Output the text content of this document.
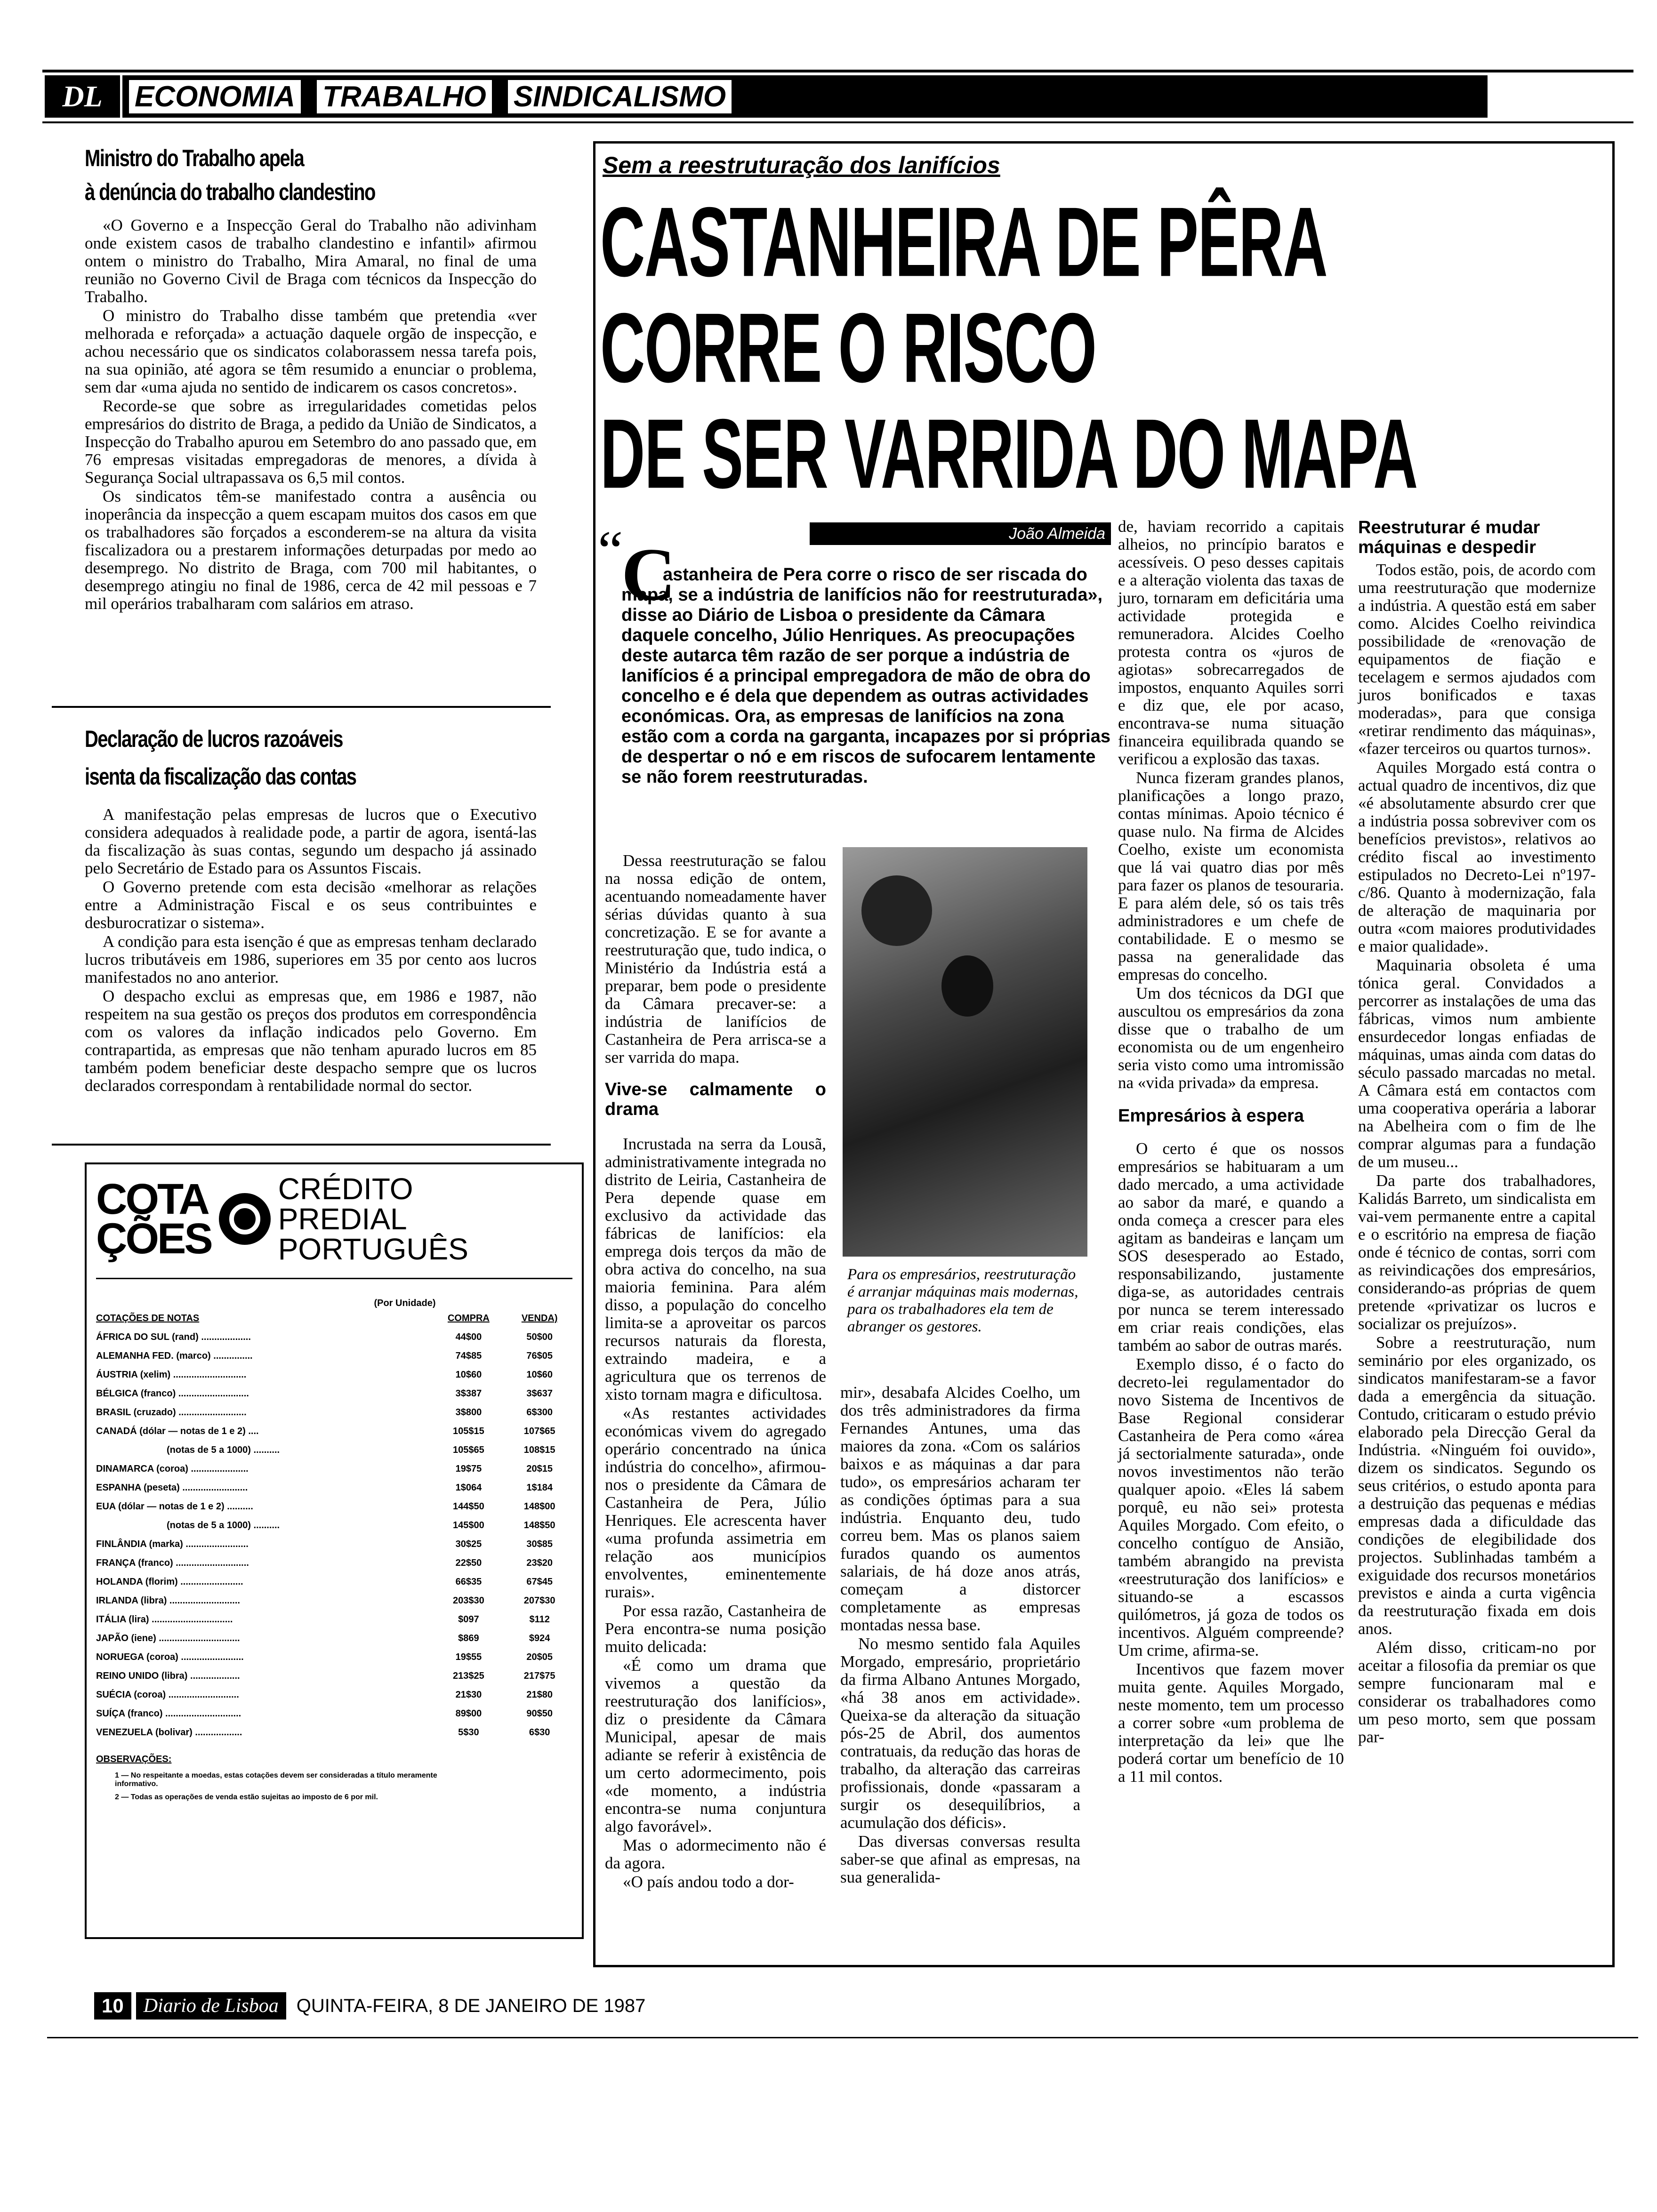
ECONOMIA TRABALHO SINDICALISMO
DL
Ministro do Trabalho apela
à denúncia do trabalho clandestino

«O Governo e a Inspecção Geral do Trabalho não adivinham onde existem casos de trabalho clandestino e infantil» afirmou ontem o ministro do Trabalho, Mira Amaral, no final de uma reunião no Governo Civil de Braga com técnicos da Inspecção do Trabalho.

O ministro do Trabalho disse também que pretendia «ver melhorada e reforçada» a actuação daquele orgão de inspecção, e achou necessário que os sindicatos colaborassem nessa tarefa pois, na sua opinião, até agora se têm resumido a enunciar o problema, sem dar «uma ajuda no sentido de indicarem os casos concretos».

Recorde-se que sobre as irregularidades cometidas pelos empresários do distrito de Braga, a pedido da União de Sindicatos, a Inspecção do Trabalho apurou em Setembro do ano passado que, em 76 empresas visitadas empregadoras de menores, a dívida à Segurança Social ultrapassava os 6,5 mil contos.

Os sindicatos têm-se manifestado contra a ausência ou inoperância da inspecção a quem escapam muitos dos casos em que os trabalhadores são forçados a esconderem-se na altura da visita fiscalizadora ou a prestarem informações deturpadas por medo ao desemprego. No distrito de Braga, com 700 mil habitantes, o desemprego atingiu no final de 1986, cerca de 42 mil pessoas e 7 mil operários trabalharam com salários em atraso.

Declaração de lucros razoáveis
isenta da fiscalização das contas

A manifestação pelas empresas de lucros que o Executivo considera adequados à realidade pode, a partir de agora, isentá-las da fiscalização às suas contas, segundo um despacho já assinado pelo Secretário de Estado para os Assuntos Fiscais.

O Governo pretende com esta decisão «melhorar as relações entre a Administração Fiscal e os seus contribuintes e desburocratizar o sistema».

A condição para esta isenção é que as empresas tenham declarado lucros tributáveis em 1986, superiores em 35 por cento aos lucros manifestados no ano anterior.

O despacho exclui as empresas que, em 1986 e 1987, não respeitem na sua gestão os preços dos produtos em correspondência com os valores da inflação indicados pelo Governo. Em contrapartida, as empresas que não tenham apurado lucros em 85 também podem beneficiar deste despacho sempre que os lucros declarados correspondam à rentabilidade normal do sector.

COTA
ÇÕES
CRÉDITO
PREDIAL
PORTUGUÊS
(Por Unidade)
COTAÇÕES DE NOTAS	COMPRA	VENDA)
ÁFRICA DO SUL (rand) ...................	44$00	50$00
ALEMANHA FED. (marco) ...............	74$85	76$05
ÁUSTRIA (xelim) ............................	10$60	10$60
BÉLGICA (franco) ...........................	3$387	3$637
BRASIL (cruzado) ..........................	3$800	6$300
CANADÁ (dólar — notas de 1 e 2) ....	105$15	107$65
(notas de 5 a 1000) ..........	105$65	108$15
DINAMARCA (coroa) ......................	19$75	20$15
ESPANHA (peseta) .........................	1$064	1$184
EUA (dólar — notas de 1 e 2) ..........	144$50	148$00
(notas de 5 a 1000) ..........	145$00	148$50
FINLÂNDIA (marka) ........................	30$25	30$85
FRANÇA (franco) ............................	22$50	23$20
HOLANDA (florim) ........................	66$35	67$45
IRLANDA (libra) ...........................	203$30	207$30
ITÁLIA (lira) ...............................	$097	$112
JAPÃO (iene) ...............................	$869	$924
NORUEGA (coroa) ........................	19$55	20$05
REINO UNIDO (libra) ...................	213$25	217$75
SUÉCIA (coroa) ...........................	21$30	21$80
SUÍÇA (franco) .............................	89$00	90$50
VENEZUELA (bolivar) ..................	5$30	6$30
OBSERVAÇÕES:
1 — No respeitante a moedas, estas cotações devem ser consideradas a título meramente informativo.
2 — Todas as operações de venda estão sujeitas ao imposto de 6 por mil.
Sem a reestruturação dos lanifícios
CASTANHEIRA DE PÊRA
CORRE O RISCO
DE SER VARRIDA DO MAPA
João Almeida
“
C
astanheira de Pera corre o risco de ser riscada do mapa, se a indústria de lanifícios não for reestruturada», disse ao Diário de Lisboa o presidente da Câmara daquele concelho, Júlio Henriques. As preocupações deste autarca têm razão de ser porque a indústria de lanifícios é a principal empregadora de mão de obra do concelho e é dela que dependem as outras actividades económicas. Ora, as empresas de lanifícios na zona estão com a corda na garganta, incapazes por si próprias de despertar o nó e em riscos de sufocarem lentamente se não forem reestruturadas.

Dessa reestruturação se falou na nossa edição de ontem, acentuando nomeadamente haver sérias dúvidas quanto à sua concretização. E se for avante a reestruturação que, tudo indica, o Ministério da Indústria está a preparar, bem pode o presidente da Câmara precaver-se: a indústria de lanifícios de Castanheira de Pera arrisca-se a ser varrida do mapa.

Vive-se calmamente o drama

Incrustada na serra da Lousã, administrativamente integrada no distrito de Leiria, Castanheira de Pera depende quase em exclusivo da actividade das fábricas de lanifícios: ela emprega dois terços da mão de obra activa do concelho, na sua maioria feminina. Para além disso, a população do concelho limita-se a aproveitar os parcos recursos naturais da floresta, extraindo madeira, e a agricultura que os terrenos de xisto tornam magra e dificultosa.

«As restantes actividades económicas vivem do agregado operário concentrado na única indústria do concelho», afirmou-nos o presidente da Câmara de Castanheira de Pera, Júlio Henriques. Ele acrescenta haver «uma profunda assimetria em relação aos municípios envolventes, eminentemente rurais».

Por essa razão, Castanheira de Pera encontra-se numa posição muito delicada:

«É como um drama que vivemos a questão da reestruturação dos lanifícios», diz o presidente da Câmara Municipal, apesar de mais adiante se referir à existência de um certo adormecimento, pois «de momento, a indústria encontra-se numa conjuntura algo favorável».

Mas o adormecimento não é da agora.

«O país andou todo a dor-

Para os empresários, reestruturação é arranjar máquinas mais modernas, para os trabalhadores ela tem de abranger os gestores.

mir», desabafa Alcides Coelho, um dos três administradores da firma Fernandes Antunes, uma das maiores da zona. «Com os salários baixos e as máquinas a dar para tudo», os empresários acharam ter as condições óptimas para a sua indústria. Enquanto deu, tudo correu bem. Mas os planos saiem furados quando os aumentos salariais, de há doze anos atrás, começam a distorcer completamente as empresas montadas nessa base.

No mesmo sentido fala Aquiles Morgado, empresário, proprietário da firma Albano Antunes Morgado, «há 38 anos em actividade». Queixa-se da alteração da situação pós-25 de Abril, dos aumentos contratuais, da redução das horas de trabalho, da alteração das carreiras profissionais, donde «passaram a surgir os desequilíbrios, a acumulação dos déficis».

Das diversas conversas resulta saber-se que afinal as empresas, na sua generalida-

de, haviam recorrido a capitais alheios, no princípio baratos e acessíveis. O peso desses capitais e a alteração violenta das taxas de juro, tornaram em deficitária uma actividade protegida e remuneradora. Alcides Coelho protesta contra os «juros de agiotas» sobrecarregados de impostos, enquanto Aquiles sorri e diz que, ele por acaso, encontrava-se numa situação financeira equilibrada quando se verificou a explosão das taxas.

Nunca fizeram grandes planos, planificações a longo prazo, contas mínimas. Apoio técnico é quase nulo. Na firma de Alcides Coelho, existe um economista que lá vai quatro dias por mês para fazer os planos de tesouraria. E para além dele, só os tais três administradores e um chefe de contabilidade. E o mesmo se passa na generalidade das empresas do concelho.

Um dos técnicos da DGI que auscultou os empresários da zona disse que o trabalho de um economista ou de um engenheiro seria visto como uma intromissão na «vida privada» da empresa.

Empresários à espera

O certo é que os nossos empresários se habituaram a um dado mercado, a uma actividade ao sabor da maré, e quando a onda começa a crescer para eles agitam as bandeiras e lançam um SOS desesperado ao Estado, responsabilizando, justamente diga-se, as autoridades centrais por nunca se terem interessado em criar reais condições, elas também ao sabor de outras marés.

Exemplo disso, é o facto do decreto-lei regulamentador do novo Sistema de Incentivos de Base Regional considerar Castanheira de Pera como «área já sectorialmente saturada», onde novos investimentos não terão qualquer apoio. «Eles lá sabem porquê, eu não sei» protesta Aquiles Morgado. Com efeito, o concelho contíguo de Ansião, também abrangido na prevista «reestruturação dos lanifícios» e situando-se a escassos quilómetros, já goza de todos os incentivos. Alguém compreende? Um crime, afirma-se.

Incentivos que fazem mover muita gente. Aquiles Morgado, neste momento, tem um processo a correr sobre «um problema de interpretação da lei» que lhe poderá cortar um benefício de 10 a 11 mil contos.

Reestruturar é mudar
máquinas e despedir

Todos estão, pois, de acordo com uma reestruturação que modernize a indústria. A questão está em saber como. Alcides Coelho reivindica possibilidade de «renovação de equipamentos de fiação e tecelagem e sermos ajudados com juros bonificados e taxas moderadas», para que consiga «retirar rendimento das máquinas», «fazer terceiros ou quartos turnos».

Aquiles Morgado está contra o actual quadro de incentivos, diz que «é absolutamente absurdo crer que a indústria possa sobreviver com os benefícios previstos», relativos ao crédito fiscal ao investimento estipulados no Decreto-Lei nº197-c/86. Quanto à modernização, fala de alteração de maquinaria por outra «com maiores produtividades e maior qualidade».

Maquinaria obsoleta é uma tónica geral. Convidados a percorrer as instalações de uma das fábricas, vimos num ambiente ensurdecedor longas enfiadas de máquinas, umas ainda com datas do século passado marcadas no metal. A Câmara está em contactos com uma cooperativa operária a laborar na Abelheira com o fim de lhe comprar algumas para a fundação de um museu...

Da parte dos trabalhadores, Kalidás Barreto, um sindicalista em vai-vem permanente entre a capital e o escritório na empresa de fiação onde é técnico de contas, sorri com as reivindicações dos empresários, considerando-as próprias de quem pretende «privatizar os lucros e socializar os prejuízos».

Sobre a reestruturação, num seminário por eles organizado, os sindicatos manifestaram-se a favor dada a emergência da situação. Contudo, criticaram o estudo prévio elaborado pela Direcção Geral da Indústria. «Ninguém foi ouvido», dizem os sindicatos. Segundo os seus critérios, o estudo aponta para a destruição das pequenas e médias empresas dada a dificuldade das condições de elegibilidade dos projectos. Sublinhadas também a exiguidade dos recursos monetários previstos e ainda a curta vigência da reestruturação fixada em dois anos.

Além disso, criticam-no por aceitar a filosofia da premiar os que sempre funcionaram mal e considerar os trabalhadores como um peso morto, sem que possam par-

10	Diario de Lisboa QUINTA-FEIRA, 8 DE JANEIRO DE 1987
